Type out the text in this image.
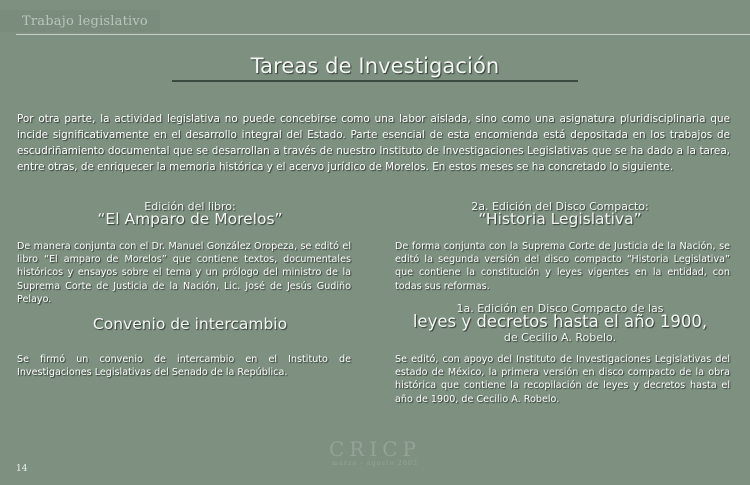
Trabajo legislativo
Tareas de Investigación
Por otra parte, la actividad legislativa no puede concebirse como una labor aislada, sino como una asignatura pluridisciplinaria que incide significativamente en el desarrollo integral del Estado. Parte esencial de esta encomienda está depositada en los trabajos de escudriñamiento documental que se desarrollan a través de nuestro Instituto de Investigaciones Legislativas que se ha dado a la tarea, entre otras, de enriquecer la memoria histórica y el acervo jurídico de Morelos. En estos meses se ha concretado lo siguiente.
Edición del libro:
“El Amparo de Morelos”
De manera conjunta con el Dr. Manuel González Oropeza, se editó el libro “El amparo de Morelos” que contiene textos, documentales históricos y ensayos sobre el tema y un prólogo del ministro de la Suprema Corte de Justicia de la Nación, Lic. José de Jesús Gudiño Pelayo.
2a. Edición del Disco Compacto:
“Historia Legislativa”
De forma conjunta con la Suprema Corte de Justicia de la Nación, se editó la segunda versión del disco compacto “Historia Legislativa” que contiene la constitución y leyes vigentes en la entidad, con todas sus reformas.
Convenio de intercambio
Se firmó un convenio de intercambio en el Instituto de Investigaciones Legislativas del Senado de la República.
1a. Edición en Disco Compacto de las
leyes y decretos hasta el año 1900,
de Cecilio A. Robelo.
Se editó, con apoyo del Instituto de Investigaciones Legislativas del estado de México, la primera versión en disco compacto de la obra histórica que contiene la recopilación de leyes y decretos hasta el año de 1900, de Cecilio A. Robelo.
CRICP
marzo - agosto 2002
14
